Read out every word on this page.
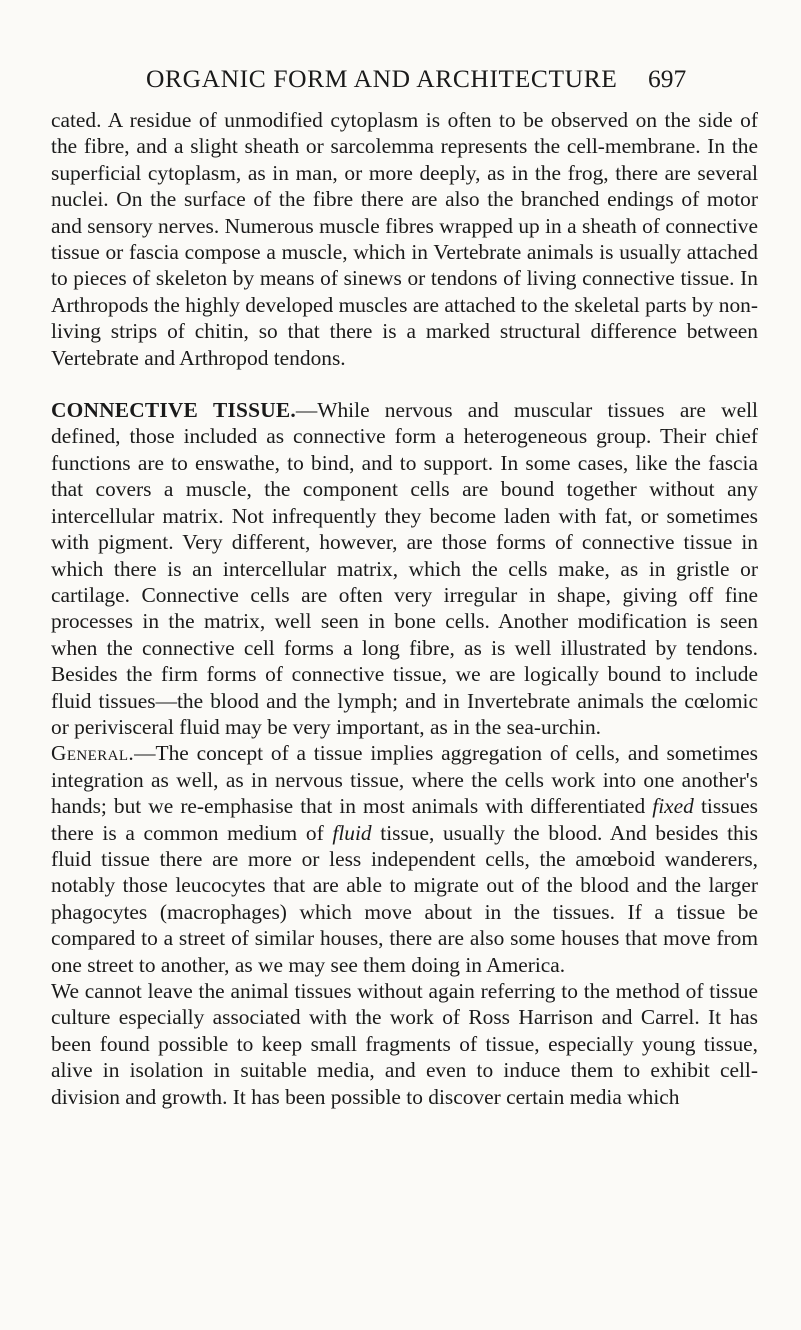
ORGANIC FORM AND ARCHITECTURE	697

cated. A residue of unmodified cytoplasm is often to be observed on the side of the fibre, and a slight sheath or sarcolemma represents the cell-membrane. In the superficial cytoplasm, as in man, or more deeply, as in the frog, there are several nuclei. On the surface of the fibre there are also the branched endings of motor and sensory nerves. Numerous muscle fibres wrapped up in a sheath of connective tissue or fascia compose a muscle, which in Vertebrate animals is usually attached to pieces of skeleton by means of sinews or tendons of living connective tissue. In Arthropods the highly developed muscles are attached to the skeletal parts by non-living strips of chitin, so that there is a marked structural difference between Vertebrate and Arthropod tendons.

CONNECTIVE TISSUE.—While nervous and muscular tissues are well defined, those included as connective form a heterogeneous group. Their chief functions are to enswathe, to bind, and to support. In some cases, like the fascia that covers a muscle, the component cells are bound together without any intercellular matrix. Not infrequently they become laden with fat, or sometimes with pigment. Very different, however, are those forms of connective tissue in which there is an intercellular matrix, which the cells make, as in gristle or cartilage. Connective cells are often very irregular in shape, giving off fine processes in the matrix, well seen in bone cells. Another modification is seen when the connective cell forms a long fibre, as is well illustrated by tendons. Besides the firm forms of connective tissue, we are logically bound to include fluid tissues—the blood and the lymph; and in Invertebrate animals the cœlomic or perivisceral fluid may be very important, as in the sea-urchin.

General.—The concept of a tissue implies aggregation of cells, and sometimes integration as well, as in nervous tissue, where the cells work into one another's hands; but we re-emphasise that in most animals with differentiated fixed tissues there is a common medium of fluid tissue, usually the blood. And besides this fluid tissue there are more or less independent cells, the amœboid wanderers, notably those leucocytes that are able to migrate out of the blood and the larger phagocytes (macrophages) which move about in the tissues. If a tissue be compared to a street of similar houses, there are also some houses that move from one street to another, as we may see them doing in America.

We cannot leave the animal tissues without again referring to the method of tissue culture especially associated with the work of Ross Harrison and Carrel. It has been found possible to keep small fragments of tissue, especially young tissue, alive in isolation in suitable media, and even to induce them to exhibit cell-division and growth. It has been possible to discover certain media which
